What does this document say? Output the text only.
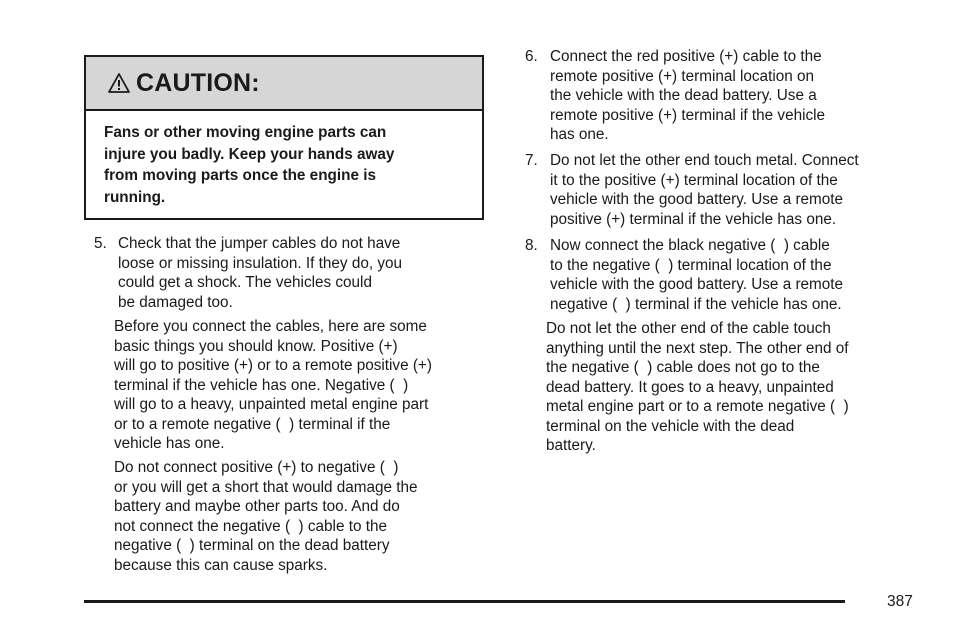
CAUTION:
Fans or other moving engine parts can
injure you badly. Keep your hands away
from moving parts once the engine is
running.
5. Check that the jumper cables do not have
loose or missing insulation. If they do, you
could get a shock. The vehicles could
be damaged too.
Before you connect the cables, here are some
basic things you should know. Positive (+)
will go to positive (+) or to a remote positive (+)
terminal if the vehicle has one. Negative (  )
will go to a heavy, unpainted metal engine part
or to a remote negative (  ) terminal if the
vehicle has one.
Do not connect positive (+) to negative (  )
or you will get a short that would damage the
battery and maybe other parts too. And do
not connect the negative (  ) cable to the
negative (  ) terminal on the dead battery
because this can cause sparks.
6. Connect the red positive (+) cable to the
remote positive (+) terminal location on
the vehicle with the dead battery. Use a
remote positive (+) terminal if the vehicle
has one.
7. Do not let the other end touch metal. Connect
it to the positive (+) terminal location of the
vehicle with the good battery. Use a remote
positive (+) terminal if the vehicle has one.
8. Now connect the black negative (  ) cable
to the negative (  ) terminal location of the
vehicle with the good battery. Use a remote
negative (  ) terminal if the vehicle has one.
Do not let the other end of the cable touch
anything until the next step. The other end of
the negative (  ) cable does not go to the
dead battery. It goes to a heavy, unpainted
metal engine part or to a remote negative (  )
terminal on the vehicle with the dead
battery.
387
